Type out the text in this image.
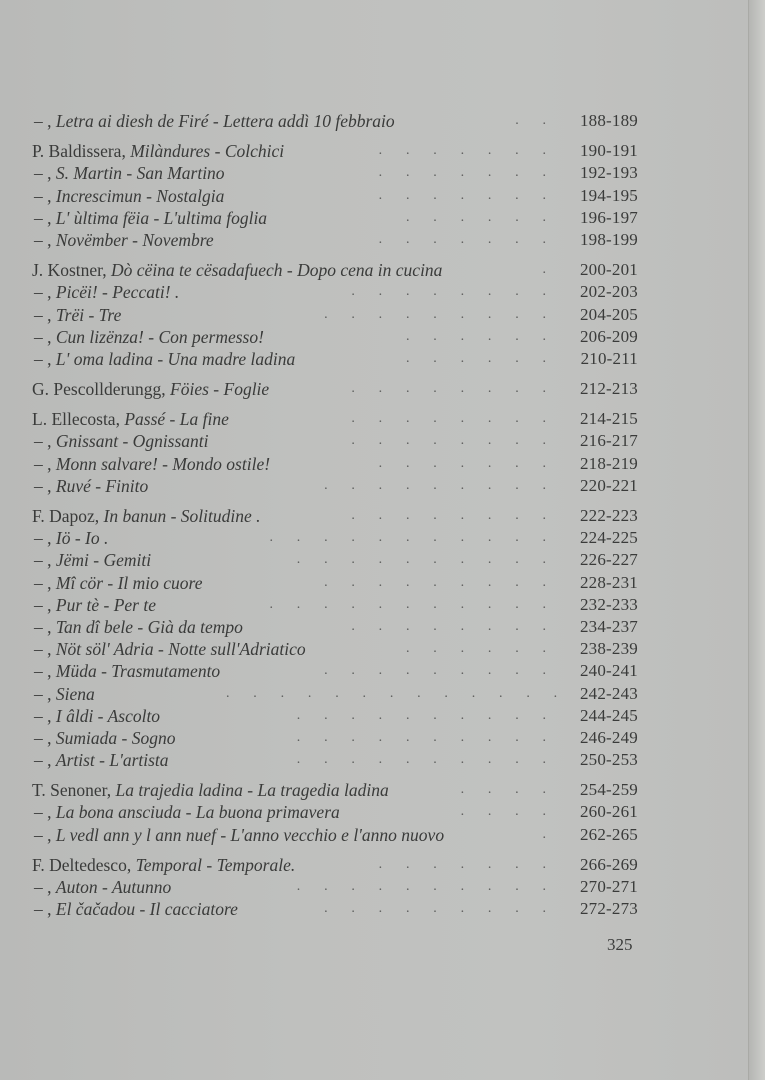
– , Letra ai diesh de Firé - Lettera addì 10 febbraio	.   . 188-189
P. Baldissera, Milàndures - Colchici	.   .   .   .   .   .   . 190-191
– , S. Martin - San Martino	.   .   .   .   .   .   . 192-193
– , Increscimun - Nostalgia	.   .   .   .   .   .   . 194-195
– , L' ùltima fëia - L'ultima foglia	.   .   .   .   .   . 196-197
– , Novëmber - Novembre	.   .   .   .   .   .   . 198-199
J. Kostner, Dò cëina te cësadafuech - Dopo cena in cucina	. 200-201
– , Picëi! - Peccati! .	.   .   .   .   .   .   .   . 202-203
– , Trëi - Tre	.   .   .   .   .   .   .   .   . 204-205
– , Cun lizënza! - Con permesso!	.   .   .   .   .   . 206-209
– , L' oma ladina - Una madre ladina	.   .   .   .   .   . 210-211
G. Pescollderungg, Föies - Foglie	.   .   .   .   .   .   .   . 212-213
L. Ellecosta, Passé - La fine	.   .   .   .   .   .   .   . 214-215
– , Gnissant - Ognissanti	.   .   .   .   .   .   .   . 216-217
– , Monn salvare! - Mondo ostile!	.   .   .   .   .   .   . 218-219
– , Ruvé - Finito	.   .   .   .   .   .   .   .   . 220-221
F. Dapoz, In banun - Solitudine .	.   .   .   .   .   .   .   . 222-223
– , Iö - Io .	.   .   .   .   .   .   .   .   .   .   . 224-225
– , Jëmi - Gemiti	.   .   .   .   .   .   .   .   .   . 226-227
– , Mî cör - Il mio cuore	.   .   .   .   .   .   .   .   . 228-231
– , Pur tè - Per te	.   .   .   .   .   .   .   .   .   .   . 232-233
– , Tan dî bele - Già da tempo	.   .   .   .   .   .   .   . 234-237
– , Nöt söl' Adria - Notte sull'Adriatico	.   .   .   .   .   . 238-239
– , Müda - Trasmutamento	.   .   .   .   .   .   .   .   . 240-241
– , Siena	.   .   .   .   .   .   .   .   .   .   .   .   . 242-243
– , I âldi - Ascolto	.   .   .   .   .   .   .   .   .   . 244-245
– , Sumiada - Sogno	.   .   .   .   .   .   .   .   .   . 246-249
– , Artist - L'artista	.   .   .   .   .   .   .   .   .   . 250-253
T. Senoner, La trajedia ladina - La tragedia ladina	.   .   .   . 254-259
– , La bona ansciuda - La buona primavera	.   .   .   . 260-261
– , L vedl ann y l ann nuef - L'anno vecchio e l'anno nuovo	. 262-265
F. Deltedesco, Temporal - Temporale.	.   .   .   .   .   .   . 266-269
– , Auton - Autunno	.   .   .   .   .   .   .   .   .   . 270-271
– , El čačadou - Il cacciatore	.   .   .   .   .   .   .   .   . 272-273
325
